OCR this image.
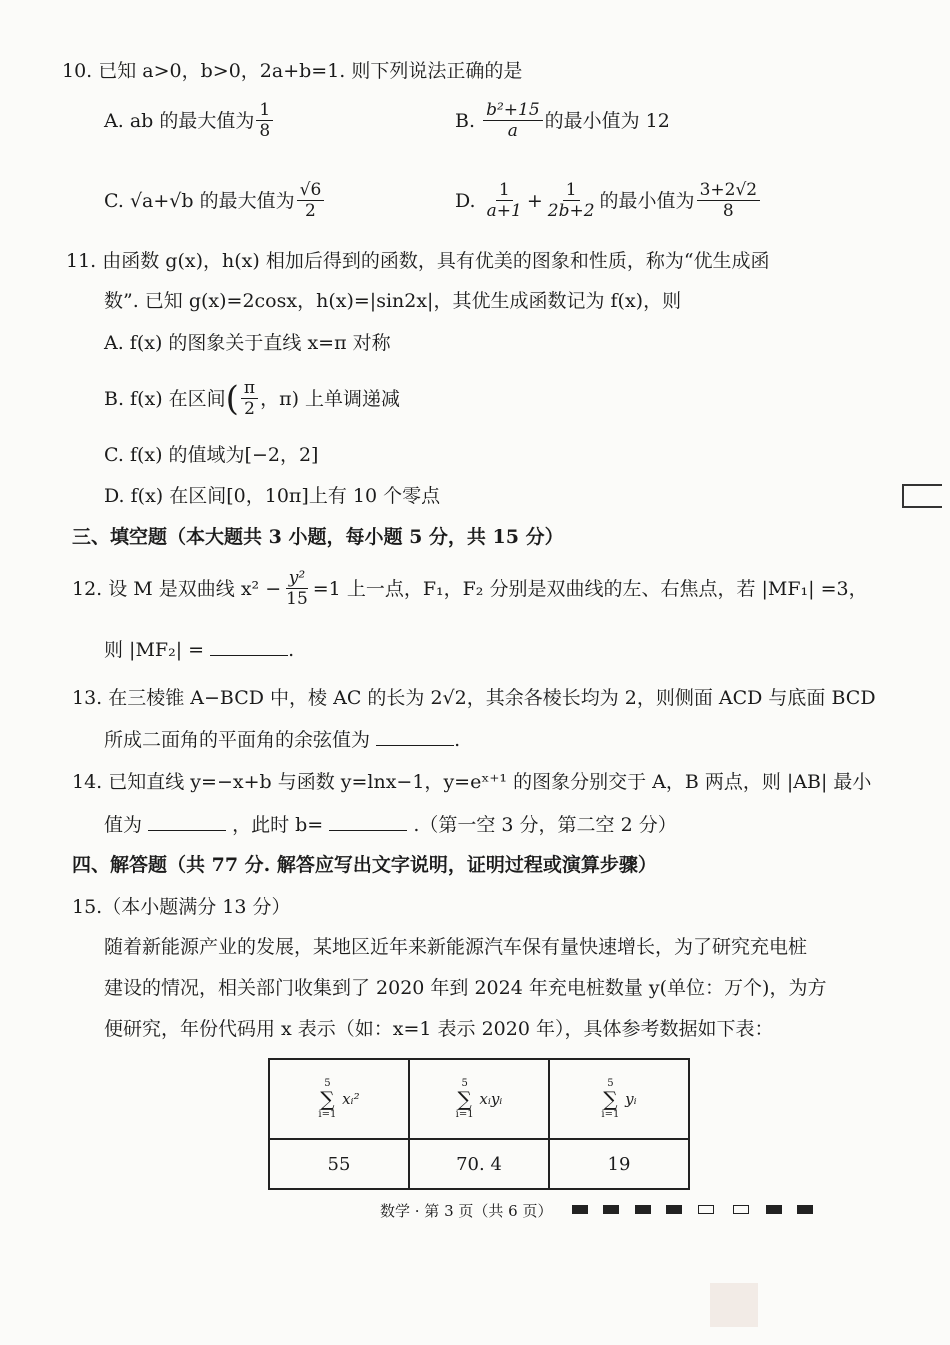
10. 已知 a>0，b>0，2a+b=1. 则下列说法正确的是
A.
ab 的最大值为 $\frac{1}{8}$	B.
$\frac{\text{b²+15}}{a}$ 的最小值为 12
C.
√a+√b 的最大值为 $\frac{√6}{2}$	D.
$\frac{1}{a+1} + \frac{1}{2b+2}$ 的最小值为 $\frac{3+2√2}{8}$
11. 由函数 g(x)，h(x) 相加后得到的函数，具有优美的图象和性质，称为“优生成函
数”. 已知 g(x)=2cosx，h(x)=|sin2x|，其优生成函数记为 f(x)，则
A. f(x) 的图象关于直线 x=π 对称
B. f(x) 在区间 ( $\frac{\pi}{2}$ ，π) 上单调递减
C. f(x) 的值域为[−2，2]
D. f(x) 在区间[0，10π]上有 10 个零点
三、填空题（本大题共 3 小题，每小题 5 分，共 15 分）
12. 设 M 是双曲线 $x^2 - \frac{\text{y²}}{15} =1$ 上一点，F₁，F₂ 分别是双曲线的左、右焦点，若 |MF₁| =3，
则 |MF₂| =	.
13. 在三棱锥 A−BCD 中，棱 AC 的长为 2√2，其余各棱长均为 2，则侧面 ACD 与底面 BCD
所成二面角的平面角的余弦值为	.
14. 已知直线 y=−x+b 与函数 y=lnx−1，y=eˣ⁺¹ 的图象分别交于 A，B 两点，则 |AB| 最小
值为	，此时 b=	.（第一空 3 分，第二空 2 分）
四、解答题（共 77 分. 解答应写出文字说明，证明过程或演算步骤）
15.（本小题满分 13 分）
随着新能源产业的发展，某地区近年来新能源汽车保有量快速增长，为了研究充电桩
建设的情况，相关部门收集到了 2020 年到 2024 年充电桩数量 y(单位：万个)，为方
便研究，年份代码用 x 表示（如：x=1 表示 2020 年），具体参考数据如下表：
5
∑
i=1
xᵢ²	5
∑
i=1
xᵢyᵢ	5
∑
i=1
yᵢ
55	70. 4	19
数学 · 第 3 页（共 6 页）
